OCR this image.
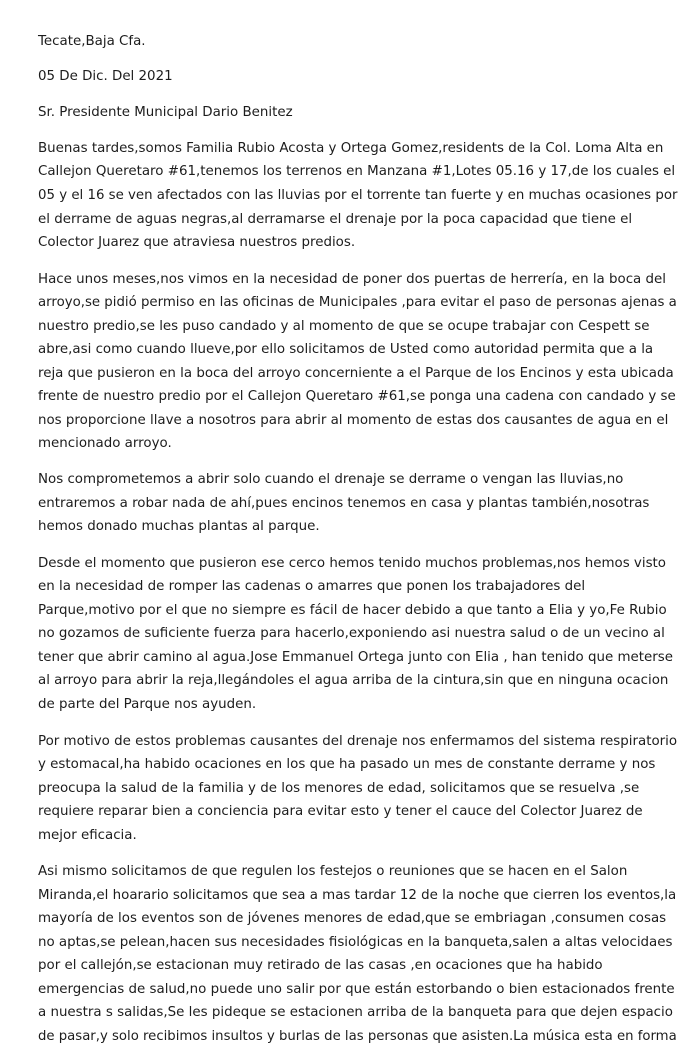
Tecate,Baja Cfa.
05 De Dic. Del 2021
Sr. Presidente Municipal Dario Benitez
Buenas tardes,somos Familia Rubio Acosta y Ortega Gomez,residents de la Col. Loma Alta en
Callejon Queretaro #61,tenemos los terrenos en Manzana #1,Lotes 05.16 y 17,de los cuales el
05 y el 16 se ven afectados con las lluvias por el torrente tan fuerte y en muchas ocasiones por
el derrame de aguas negras,al derramarse el drenaje por la poca capacidad que tiene el
Colector Juarez que atraviesa nuestros predios.
Hace unos meses,nos vimos en la necesidad de poner dos puertas de herrería, en la boca del
arroyo,se pidió permiso en las oficinas de Municipales ,para evitar el paso de personas ajenas a
nuestro predio,se les puso candado y al momento de que se ocupe trabajar con Cespett se
abre,asi como cuando llueve,por ello solicitamos de Usted como autoridad permita que a la
reja que pusieron en la boca del arroyo concerniente a el Parque de los Encinos y esta ubicada
frente de nuestro predio por el Callejon Queretaro #61,se ponga una cadena con candado y se
nos proporcione llave a nosotros para abrir al momento de estas dos causantes de agua en el
mencionado arroyo.
Nos comprometemos a abrir solo cuando el drenaje se derrame o vengan las lluvias,no
entraremos a robar nada de ahí,pues encinos tenemos en casa y plantas también,nosotras
hemos donado muchas plantas al parque.
Desde el momento que pusieron ese cerco hemos tenido muchos problemas,nos hemos visto
en la necesidad de romper las cadenas o amarres que ponen los trabajadores del
Parque,motivo por el que no siempre es fácil de hacer debido a que tanto a Elia y yo,Fe Rubio
no gozamos de suficiente fuerza para hacerlo,exponiendo asi nuestra salud o de un vecino al
tener que abrir camino al agua.Jose Emmanuel Ortega junto con Elia , han tenido que meterse
al arroyo para abrir la reja,llegándoles el agua arriba de la cintura,sin que en ninguna ocacion
de parte del Parque nos ayuden.
Por motivo de estos problemas causantes del drenaje nos enfermamos del sistema respiratorio
y estomacal,ha habido ocaciones en los que ha pasado un mes de constante derrame y nos
preocupa la salud de la familia y de los menores de edad, solicitamos que se resuelva ,se
requiere reparar bien a conciencia para evitar esto y tener el cauce del Colector Juarez de
mejor eficacia.
Asi mismo solicitamos de que regulen los festejos o reuniones que se hacen en el Salon
Miranda,el hoarario solicitamos que sea a mas tardar 12 de la noche que cierren los eventos,la
mayoría de los eventos son de jóvenes menores de edad,que se embriagan ,consumen cosas
no aptas,se pelean,hacen sus necesidades fisiológicas en la banqueta,salen a altas velocidaes
por el callejón,se estacionan muy retirado de las casas ,en ocaciones que ha habido
emergencias de salud,no puede uno salir por que están estorbando o bien estacionados frente
a nuestra s salidas,Se les pideque se estacionen arriba de la banqueta para que dejen espacio
de pasar,y solo recibimos insultos y burlas de las personas que asisten.La música esta en forma
